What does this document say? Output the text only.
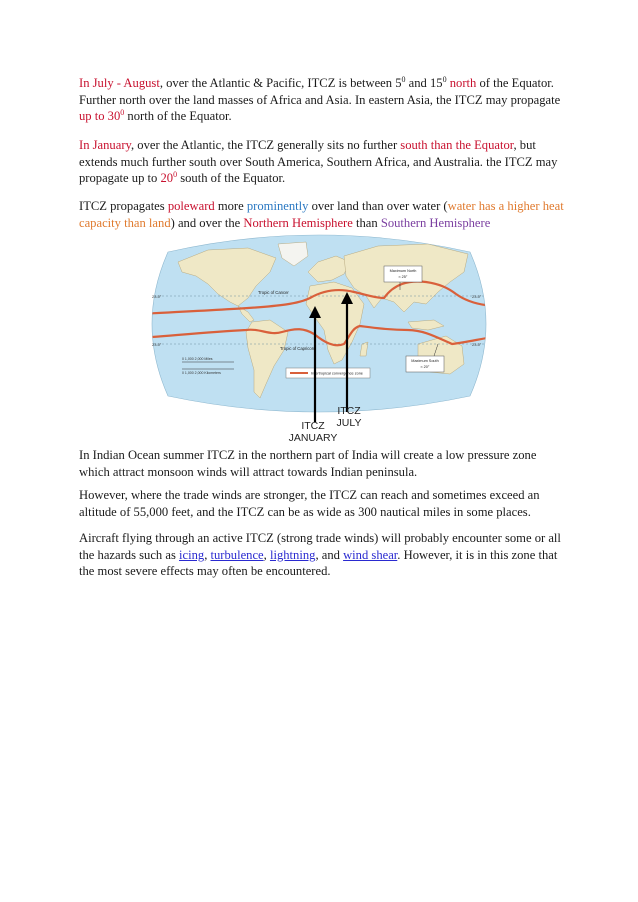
In July - August, over the Atlantic & Pacific, ITCZ is between $5^0$ and $15^0$ north of the Equator. Further north over the land masses of Africa and Asia. In eastern Asia, the ITCZ may propagate up to $30^0$ north of the Equator.

In January, over the Atlantic, the ITCZ generally sits no further south than the Equator, but extends much further south over South America, Southern Africa, and Australia. the ITCZ may propagate up to $20^0$ south of the Equator.

ITCZ propagates poleward more prominently over land than over water (water has a higher heat capacity than land) and over the Northern Hemisphere than Southern Hemisphere

Maximum North
≈ 25°
Maximum South
≈ 20°
23.5°	23.5°
23.5°	23.5°
Tropic of Cancer
Tropic of Capricorn
0 1,000 2,000 Miles
0 1,000 2,000 Kilometers	Intertropical convergence zone
ITCZ
JULY
ITCZ
JANUARY

In Indian Ocean summer ITCZ in the northern part of India will create a low pressure zone which attract monsoon winds will attract towards Indian peninsula.

However, where the trade winds are stronger, the ITCZ can reach and sometimes exceed an altitude of 55,000 feet, and the ITCZ can be as wide as 300 nautical miles in some places.

Aircraft flying through an active ITCZ (strong trade winds) will probably encounter some or all the hazards such as icing, turbulence, lightning, and wind shear. However, it is in this zone that the most severe effects may often be encountered.
